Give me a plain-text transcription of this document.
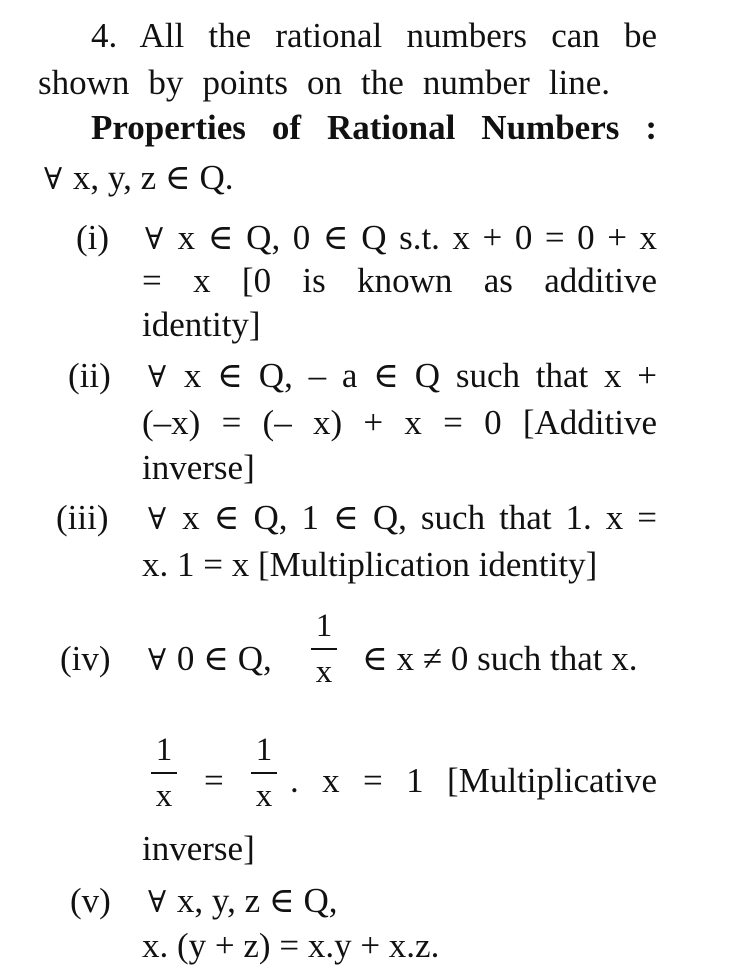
4. All the rational numbers can be
shown by points on the number line.
Properties of Rational Numbers :
∀ x, y, z ∈ Q.
(i) ∀ x ∈ Q, 0 ∈ Q s.t. x + 0 = 0 + x
= x [0 is known as additive
identity]
(ii) ∀ x ∈ Q, – a ∈ Q such that x +
(–x) = (– x) + x = 0 [Additive
inverse]
(iii) ∀ x ∈ Q, 1 ∈ Q, such that 1. x =
x. 1 = x [Multiplication identity]
(iv) ∀ 0 ∈ Q,
1
x ∈ x ≠ 0 such that x.
1
x =
1
x . x = 1 [Multiplicative
inverse]
(v) ∀ x, y, z ∈ Q,
x. (y + z) = x.y + x.z.
